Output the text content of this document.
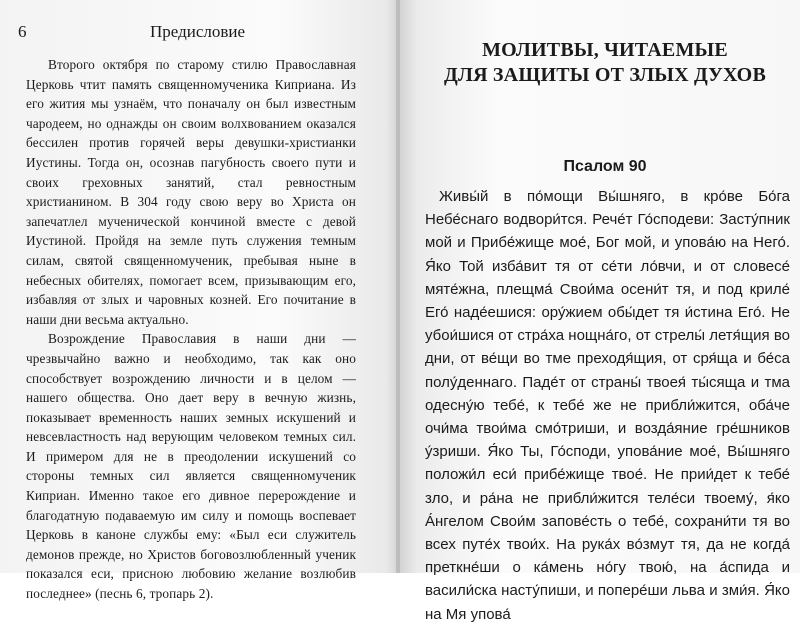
6	Предисловие

Второго октября по старому стилю Православная Церковь чтит память священномученика Киприана. Из его жития мы узнаём, что поначалу он был известным чародеем, но однажды он своим волхвованием оказался бессилен против горячей веры девушки-христианки Иустины. Тогда он, осознав пагубность своего пути и своих греховных занятий, стал ревностным христианином. В 304 году свою веру во Христа он запечатлел мученической кончиной вместе с девой Иустиной. Пройдя на земле путь служения темным силам, святой священномученик, пребывая ныне в небесных обителях, помогает всем, призывающим его, избавляя от злых и чаровных козней. Его почитание в наши дни весьма актуально.

Возрождение Православия в наши дни — чрезвычайно важно и необходимо, так как оно способствует возрождению личности и в целом — нашего общества. Оно дает веру в вечную жизнь, показывает временность наших земных искушений и невсевластность над верующим человеком темных сил. И примером для не в преодолении искушений со стороны темных сил является священномученик Киприан. Именно такое его дивное перерождение и благодатную подаваемую им силу и помощь воспевает Церковь в каноне службы ему: «Был еси служитель демонов прежде, но Христов боговозлюбленный ученик показался еси, присною любовию желание возлюбив последнее» (песнь 6, тропарь 2).

МОЛИТВЫ, ЧИТАЕМЫЕ
ДЛЯ ЗАЩИТЫ ОТ ЗЛЫХ ДУХОВ
Псалом 90

Живы́й в по́мощи Вы́шняго, в кро́ве Бо́га Небе́снаго водвори́тся. Рече́т Го́сподеви: Засту́пник мой и Прибе́жище мое́, Бог мой, и упова́ю на Него́. Я́ко Той изба́вит тя от се́ти ло́вчи, и от словесе́ мяте́жна, плещма́ Свои́ма осени́т тя, и под криле́ Его́ наде́ешися: ору́жием обы́дет тя и́стина Его́. Не убои́шися от стра́ха нощна́го, от стрелы́ летя́щия во дни, от ве́щи во тме преходя́щия, от сря́ща и бе́са полу́деннаго. Паде́т от страны́ твоея́ ты́сяща и тма одесну́ю тебе́, к тебе́ же не прибли́жится, оба́че очи́ма твои́ма смо́триши, и возда́яние гре́шников у́зриши. Я́ко Ты, Го́споди, упова́ние мое́, Вы́шняго положи́л еси́ прибе́жище твое́. Не прии́дет к тебе́ зло, и ра́на не прибли́жится теле́си твоему́, я́ко А́нгелом Свои́м запове́сть о тебе́, сохрани́ти тя во всех путе́х твои́х. На рука́х во́змут тя, да не когда́ преткне́ши о ка́мень но́гу твою́, на а́спида и васили́ска насту́пиши, и попере́ши льва и зми́я. Я́ко на Мя упова́
